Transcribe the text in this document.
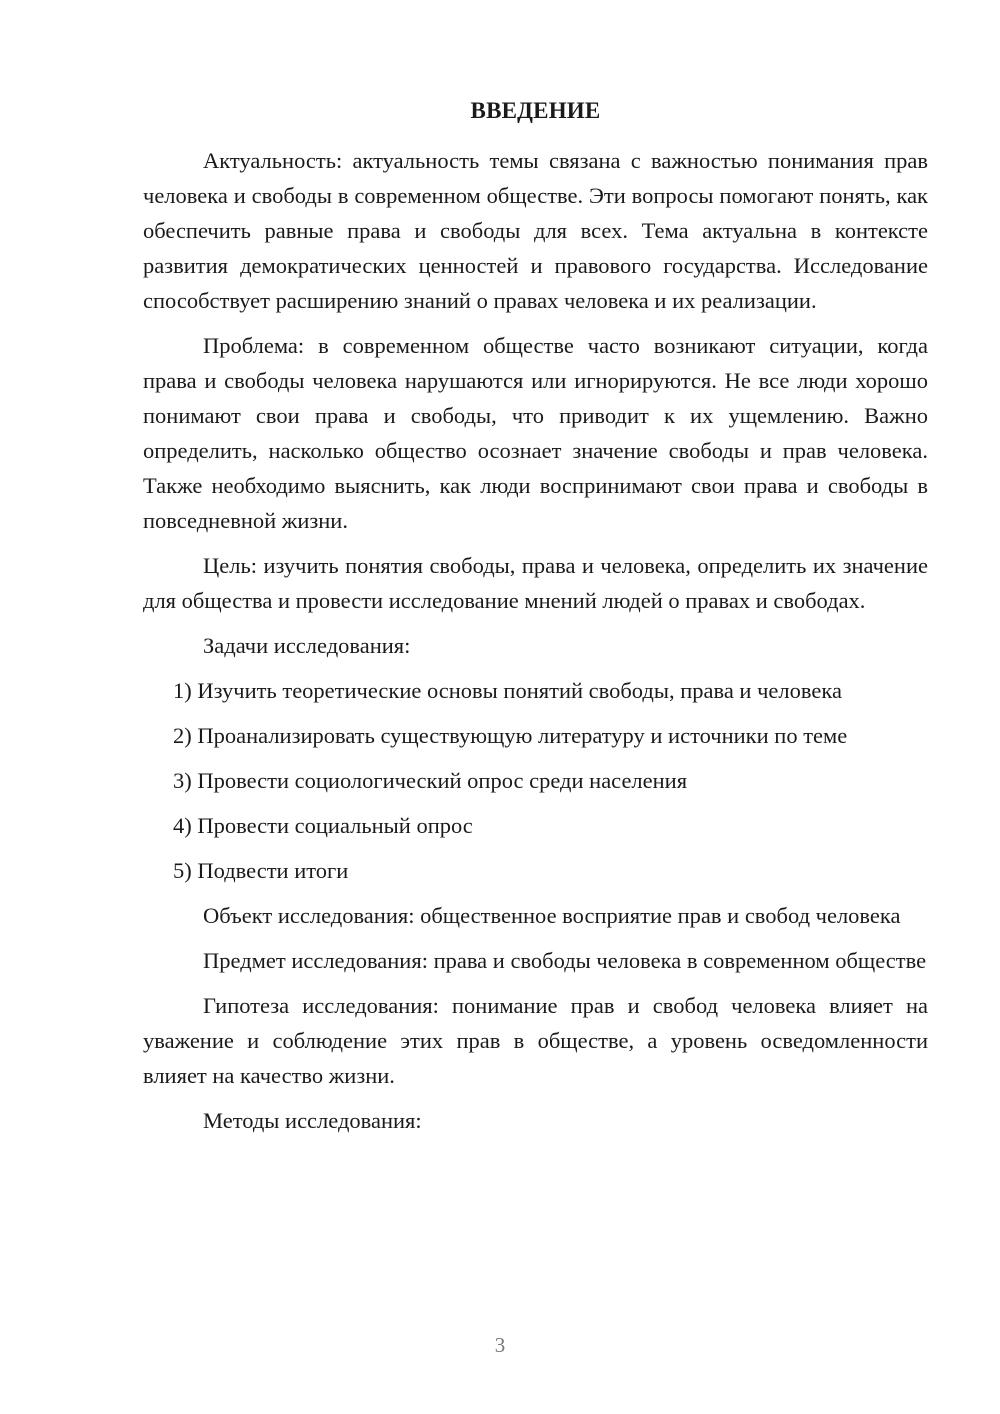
ВВЕДЕНИЕ

Актуальность: актуальность темы связана с важностью понимания прав человека и свободы в современном обществе. Эти вопросы помогают понять, как обеспечить равные права и свободы для всех. Тема актуальна в контексте развития демократических ценностей и правового государства. Исследование способствует расширению знаний о правах человека и их реализации.

Проблема: в современном обществе часто возникают ситуации, когда права и свободы человека нарушаются или игнорируются. Не все люди хорошо понимают свои права и свободы, что приводит к их ущемлению. Важно определить, насколько общество осознает значение свободы и прав человека. Также необходимо выяснить, как люди воспринимают свои права и свободы в повседневной жизни.

Цель: изучить понятия свободы, права и человека, определить их значение для общества и провести исследование мнений людей о правах и свободах.

Задачи исследования:

1) Изучить теоретические основы понятий свободы, права и человека
2) Проанализировать существующую литературу и источники по теме
3) Провести социологический опрос среди населения
4) Провести социальный опрос
5) Подвести итоги

Объект исследования: общественное восприятие прав и свобод человека

Предмет исследования: права и свободы человека в современном обществе

Гипотеза исследования: понимание прав и свобод человека влияет на уважение и соблюдение этих прав в обществе, а уровень осведомленности влияет на качество жизни.

Методы исследования:

3
